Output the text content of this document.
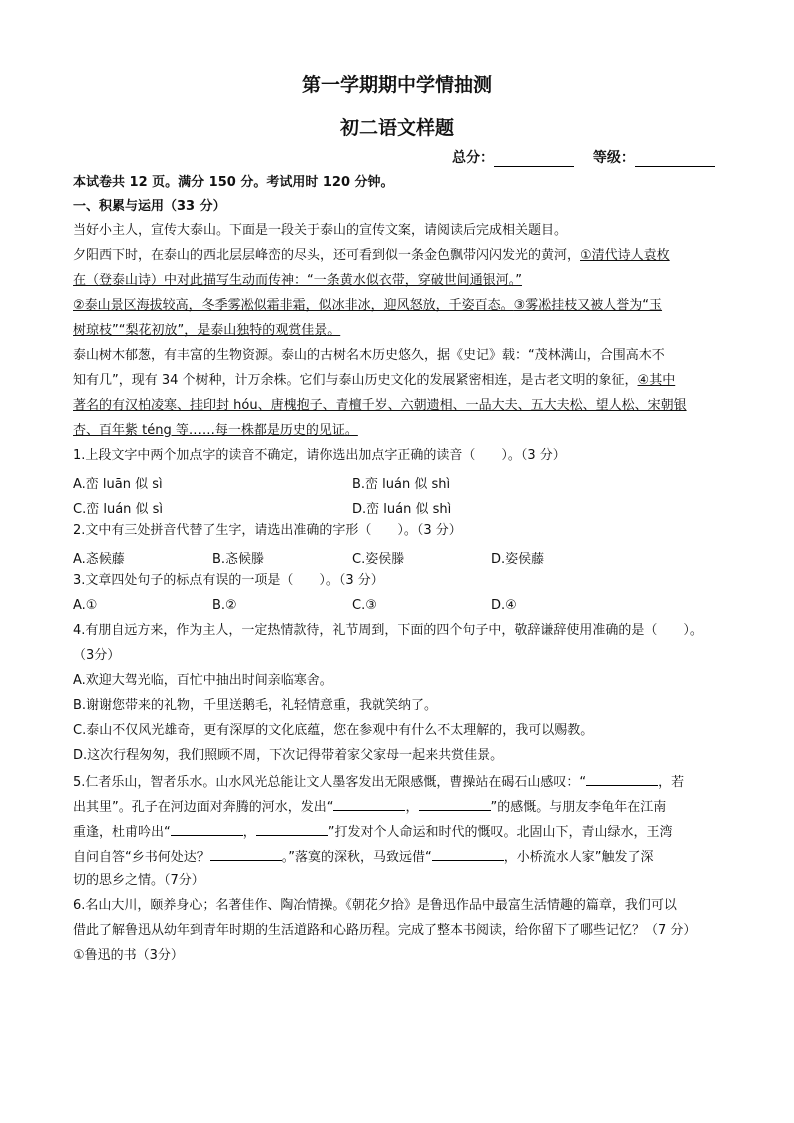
第一学期期中学情抽测
初二语文样题
总分：	等级：
本试卷共 12 页。满分 150 分。考试用时 120 分钟。
一、积累与运用（33 分）
当好小主人，宣传大泰山。下面是一段关于泰山的宣传文案，请阅读后完成相关题目。
夕阳西下时，在泰山的西北层层峰峦的尽头，还可看到似一条金色飘带闪闪发光的黄河，①清代诗人袁枚
在（登泰山诗）中对此描写生动而传神：“一条黄水似衣带，穿破世间通银河。”
②泰山景区海拔较高，冬季雾凇似霜非霜，似冰非冰，迎风怒放，千姿百态。③雾凇挂枝又被人誉为“玉
树琼枝”“梨花初放”，是泰山独特的观赏佳景。
泰山树木郁葱，有丰富的生物资源。泰山的古树名木历史悠久，据《史记》载：“茂林满山，合围高木不
知有几”，现有 34 个树种，计万余株。它们与泰山历史文化的发展紧密相连，是古老文明的象征，④其中
著名的有汉柏凌寒、挂印封 hóu、唐槐抱子、青檀千岁、六朝遗相、一品大夫、五大夫松、望人松、宋朝银
杏、百年紫 téng 等……每一株都是历史的见证。
1.上段文字中两个加点字的读音不确定，请你选出加点字正确的读音（　　）。（3 分）
A.峦 luān 似 sì	B.峦 luán 似 shì
C.峦 luán 似 sì	D.峦 luán 似 shì
2.文中有三处拼音代替了生字，请选出准确的字形（　　）。（3 分）
A.忞候藤	B.忞候滕	C.姿侯滕	D.姿侯藤
3.文章四处句子的标点有误的一项是（　　）。（3 分）
A.①	B.②	C.③	D.④
4.有朋自远方来，作为主人，一定热情款待，礼节周到，下面的四个句子中，敬辞谦辞使用准确的是（　　）。
（3分）
A.欢迎大驾光临，百忙中抽出时间亲临寒舍。
B.谢谢您带来的礼物，千里送鹅毛，礼轻情意重，我就笑纳了。
C.泰山不仅风光雄奇，更有深厚的文化底蕴，您在参观中有什么不太理解的，我可以赐教。
D.这次行程匆匆，我们照顾不周，下次记得带着家父家母一起来共赏佳景。
5.仁者乐山，智者乐水。山水风光总能让文人墨客发出无限感慨，曹操站在碣石山感叹：“	，若
出其里”。孔子在河边面对奔腾的河水，发出“	，	”的感慨。与朋友李龟年在江南
重逢，杜甫吟出“	，	”打发对个人命运和时代的慨叹。北固山下，青山绿水，王湾
自问自答“乡书何处达？	。”落寞的深秋，马致远借“	，小桥流水人家”触发了深
切的思乡之情。（7分）
6.名山大川，颐养身心；名著佳作、陶冶情操。《朝花夕拾》是鲁迅作品中最富生活情趣的篇章，我们可以
借此了解鲁迅从幼年到青年时期的生活道路和心路历程。完成了整本书阅读，给你留下了哪些记忆？（7 分）
①鲁迅的书（3分）
